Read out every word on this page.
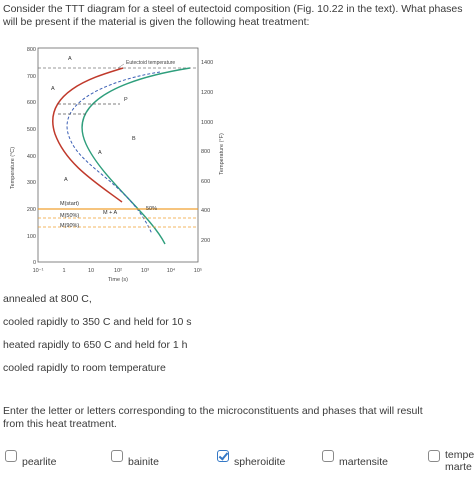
Consider the TTT diagram for a steel of eutectoid composition (Fig. 10.22 in the text). What phases will be present if the material is given the following heat treatment:
Temperature (°C)	Temperature (°F)
Time (s)
800
700
600
500
400
300
200
100
0
1400
1200
1000
800
600
400
200
10⁻¹	1	10	10²	10³	10⁴	10⁵
Eutectoid temperature
A
A
P
B
A
A
M + A
50%
M(start)
M(50%)
M(90%)
annealed at 800 C,
cooled rapidly to 350 C and held for 10 s
heated rapidly to 650 C and held for 1 h
cooled rapidly to room temperature
Enter the letter or letters corresponding to the microconstituents and phases that will result from this heat treatment.
pearlite	bainite	spheroidite	martensite
tempe
marte
